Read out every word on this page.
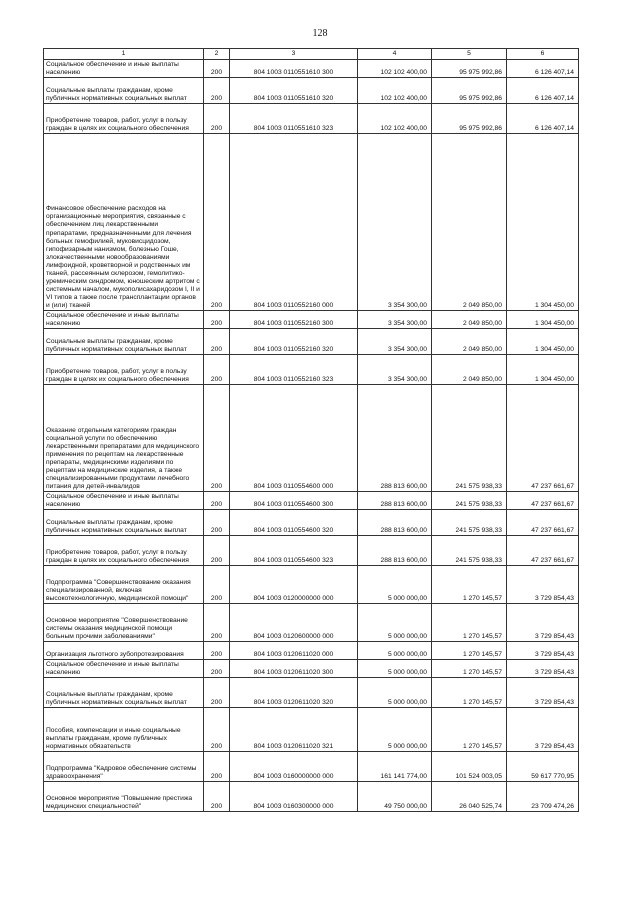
128
1	2	3	4	5	6
Социальное обеспечение и иные выплаты населению	200	804 1003 0110551610 300	102 102 400,00	95 975 992,86	6 126 407,14
Социальные выплаты гражданам, кроме публичных нормативных социальных выплат	200	804 1003 0110551610 320	102 102 400,00	95 975 992,86	6 126 407,14
Приобретение товаров, работ, услуг в пользу граждан в целях их социального обеспечения	200	804 1003 0110551610 323	102 102 400,00	95 975 992,86	6 126 407,14
Финансовое обеспечение расходов на организационные мероприятия, связанные с обеспечением лиц лекарственными препаратами, предназначенными для лечения больных гемофилией, муковисцидозом, гипофизарным нанизмом, болезнью Гоше, злокачественными новообразованиями лимфоидной, кроветворной и родственных им тканей, рассеянным склерозом, гемолитико-уремическим синдромом, юношеским артритом с системным началом, мукополисахаридозом I, II и VI типов а также после трансплантации органов и (или) тканей	200	804 1003 0110552160 000	3 354 300,00	2 049 850,00	1 304 450,00
Социальное обеспечение и иные выплаты населению	200	804 1003 0110552160 300	3 354 300,00	2 049 850,00	1 304 450,00
Социальные выплаты гражданам, кроме публичных нормативных социальных выплат	200	804 1003 0110552160 320	3 354 300,00	2 049 850,00	1 304 450,00
Приобретение товаров, работ, услуг в пользу граждан в целях их социального обеспечения	200	804 1003 0110552160 323	3 354 300,00	2 049 850,00	1 304 450,00
Оказание отдельным категориям граждан социальной услуги по обеспечению лекарственными препаратами для медицинского применения по рецептам на лекарственные препараты, медицинскими изделиями по рецептам на медицинские изделия, а также специализированными продуктами лечебного питания для детей-инвалидов	200	804 1003 0110554600 000	288 813 600,00	241 575 938,33	47 237 661,67
Социальное обеспечение и иные выплаты населению	200	804 1003 0110554600 300	288 813 600,00	241 575 938,33	47 237 661,67
Социальные выплаты гражданам, кроме публичных нормативных социальных выплат	200	804 1003 0110554600 320	288 813 600,00	241 575 938,33	47 237 661,67
Приобретение товаров, работ, услуг в пользу граждан в целях их социального обеспечения	200	804 1003 0110554600 323	288 813 600,00	241 575 938,33	47 237 661,67
Подпрограмма "Совершенствование оказания специализированной, включая высокотехнологичную, медицинской помощи"	200	804 1003 0120000000 000	5 000 000,00	1 270 145,57	3 729 854,43
Основное мероприятие "Совершенствование системы оказания медицинской помощи больным прочими заболеваниями"	200	804 1003 0120600000 000	5 000 000,00	1 270 145,57	3 729 854,43
Организация льготного зубопротезирования	200	804 1003 0120611020 000	5 000 000,00	1 270 145,57	3 729 854,43
Социальное обеспечение и иные выплаты населению	200	804 1003 0120611020 300	5 000 000,00	1 270 145,57	3 729 854,43
Социальные выплаты гражданам, кроме публичных нормативных социальных выплат	200	804 1003 0120611020 320	5 000 000,00	1 270 145,57	3 729 854,43
Пособия, компенсации и иные социальные выплаты гражданам, кроме публичных нормативных обязательств	200	804 1003 0120611020 321	5 000 000,00	1 270 145,57	3 729 854,43
Подпрограмма "Кадровое обеспечение системы здравоохранения"	200	804 1003 0160000000 000	161 141 774,00	101 524 003,05	59 617 770,95
Основное мероприятие "Повышение престижа медицинских специальностей"	200	804 1003 0160300000 000	49 750 000,00	26 040 525,74	23 709 474,26
